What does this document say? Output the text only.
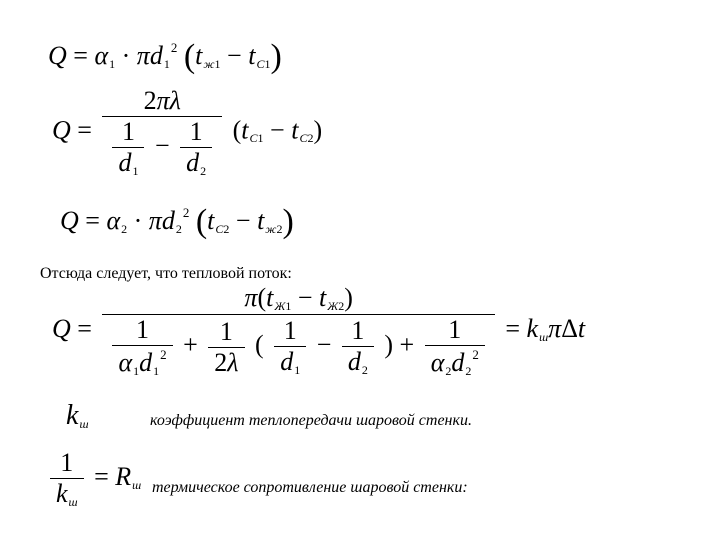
$Q = \alpha_1 \cdot \pi d_1^2$ $(t_{ж1} - t_{С1})$
$Q = \frac{2\pi\lambda}{\frac{1}{d_1} - \frac{1}{d_2}} (t_{С1} - t_{С2})$
$Q = \alpha_2 \cdot \pi d_2^2$ $(t_{С2} - t_{ж2})$
Отсюда следует, что тепловой поток:
Q =
$\pi(t_{Ж1} - t_{Ж2})$
$\frac{1}{\alpha_1d_1^2} + \frac{1}{2\lambda}$ ( $\frac{1}{d_1} - \frac{1}{d_2}$ ) + $\frac{1}{\alpha_2d_2^2} = k_ш\pi\Delta t$
$k_ш$	коэффициент теплопередачи шаровой стенки.
$\frac{1}{k_ш} = R_ш$ термическое сопротивление шаровой стенки:
